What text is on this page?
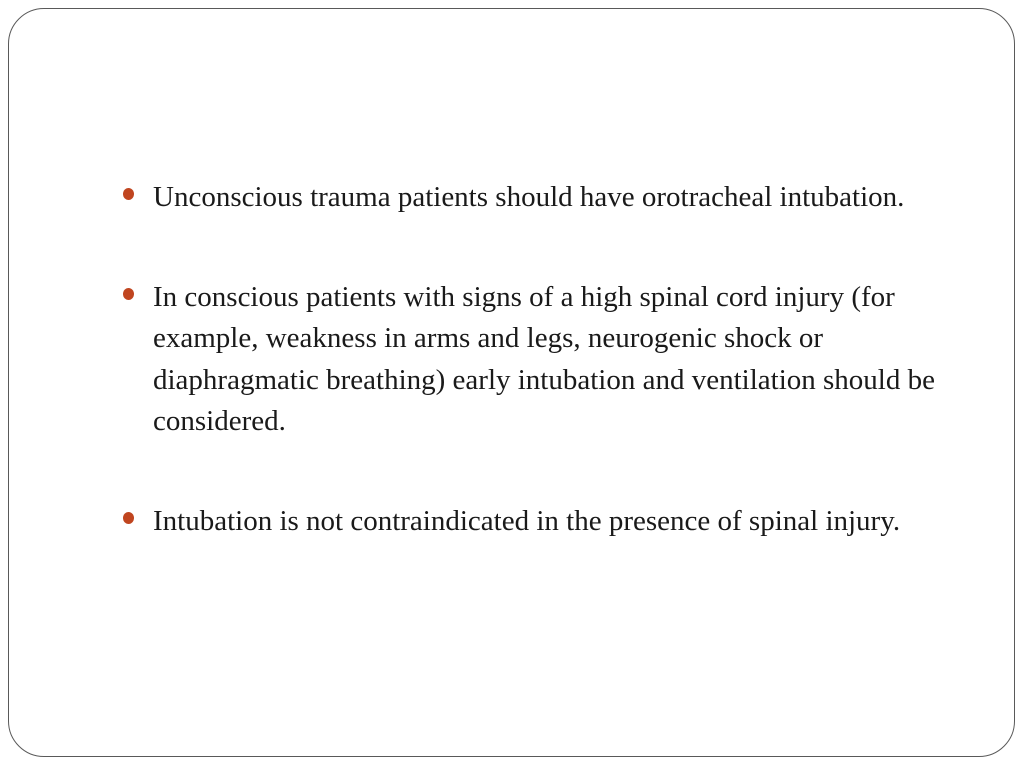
Unconscious trauma patients should have orotracheal intubation.
In conscious patients with signs of a high spinal cord injury (for example, weakness in arms and legs, neurogenic shock or diaphragmatic breathing) early intubation and ventilation should be considered.
Intubation is not contraindicated in the presence of spinal injury.
